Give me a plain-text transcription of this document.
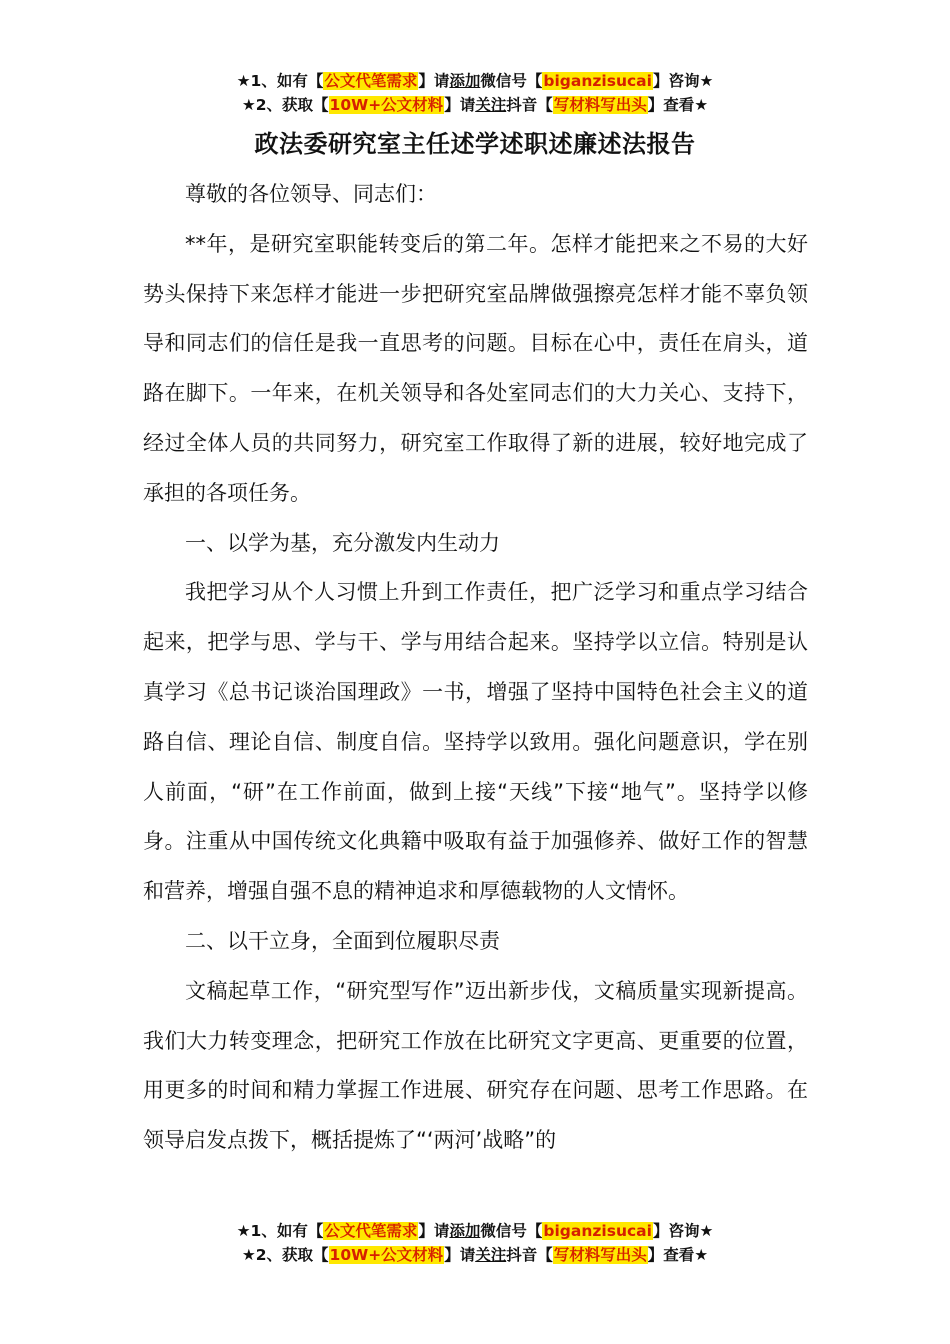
★1、如有【公文代笔需求】请添加微信号【biganzisucai】咨询★
★2、获取【10W+公文材料】请关注抖音【写材料写出头】查看★
政法委研究室主任述学述职述廉述法报告

尊敬的各位领导、同志们：

**年，是研究室职能转变后的第二年。怎样才能把来之不易的大好势头保持下来怎样才能进一步把研究室品牌做强擦亮怎样才能不辜负领导和同志们的信任是我一直思考的问题。目标在心中，责任在肩头，道路在脚下。一年来，在机关领导和各处室同志们的大力关心、支持下，经过全体人员的共同努力，研究室工作取得了新的进展，较好地完成了承担的各项任务。

一、以学为基，充分激发内生动力

我把学习从个人习惯上升到工作责任，把广泛学习和重点学习结合起来，把学与思、学与干、学与用结合起来。坚持学以立信。特别是认真学习《总书记谈治国理政》一书，增强了坚持中国特色社会主义的道路自信、理论自信、制度自信。坚持学以致用。强化问题意识，学在别人前面，“研”在工作前面，做到上接“天线”下接“地气”。坚持学以修身。注重从中国传统文化典籍中吸取有益于加强修养、做好工作的智慧和营养，增强自强不息的精神追求和厚德载物的人文情怀。

二、以干立身，全面到位履职尽责

文稿起草工作，“研究型写作”迈出新步伐，文稿质量实现新提高。我们大力转变理念，把研究工作放在比研究文字更高、更重要的位置，用更多的时间和精力掌握工作进展、研究存在问题、思考工作思路。在领导启发点拨下，概括提炼了“‘两河’战略”的

★1、如有【公文代笔需求】请添加微信号【biganzisucai】咨询★
★2、获取【10W+公文材料】请关注抖音【写材料写出头】查看★
